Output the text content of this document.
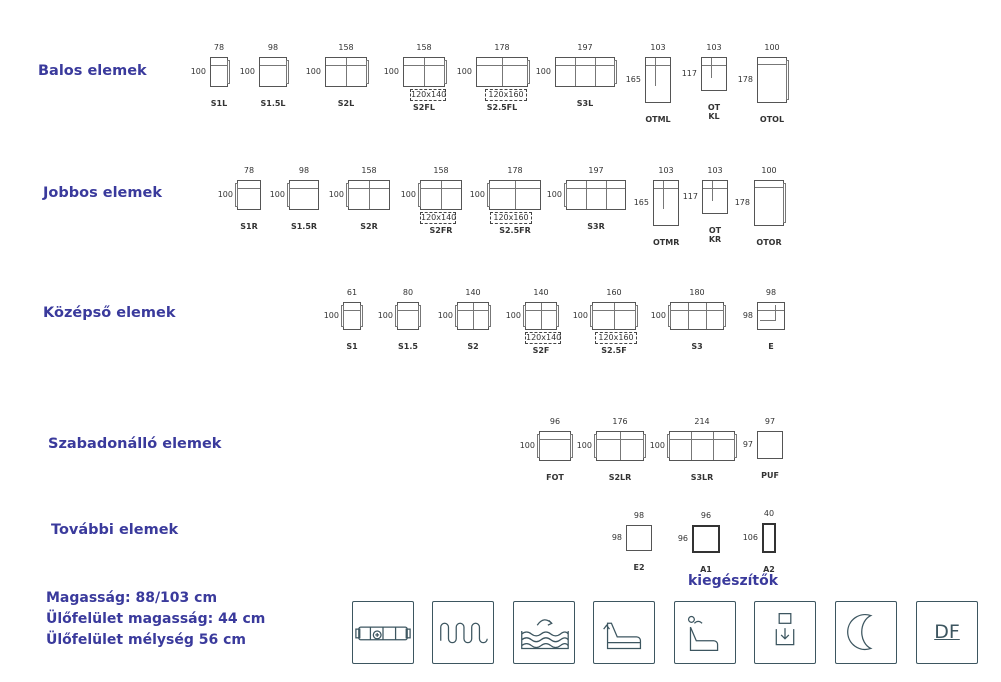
Balos elemek
Jobbos elemek
Középső elemek
Szabadonálló elemek
További elemek
78
100
S1L
98
100
S1.5L
158
100
S2L
158
100
120x140
S2FL
178
100
120x160
S2.5FL
197
100
S3L
103
165
OTML
103
117
OT KL
100
178
OTOL
78
100
S1R
98
100
S1.5R
158
100
S2R
158
100
120x140
S2FR
178
100
120x160
S2.5FR
197
100
S3R
103
165
OTMR
103
117
OT KR
100
178
OTOR
61
100
S1
80
100
S1.5
140
100
S2
140
100
120x140
S2F
160
100
120x160
S2.5F
180
100
S3
98
98
E
96
100
FOT
176
100
S2LR
214
100
S3LR
97
97
PUF
98
98
E2
96
96
A1
40
106
A2
Magasság: 88/103 cm
Ülőfelület magasság: 44 cm
Ülőfelület mélység 56 cm
kiegészítők
DF
